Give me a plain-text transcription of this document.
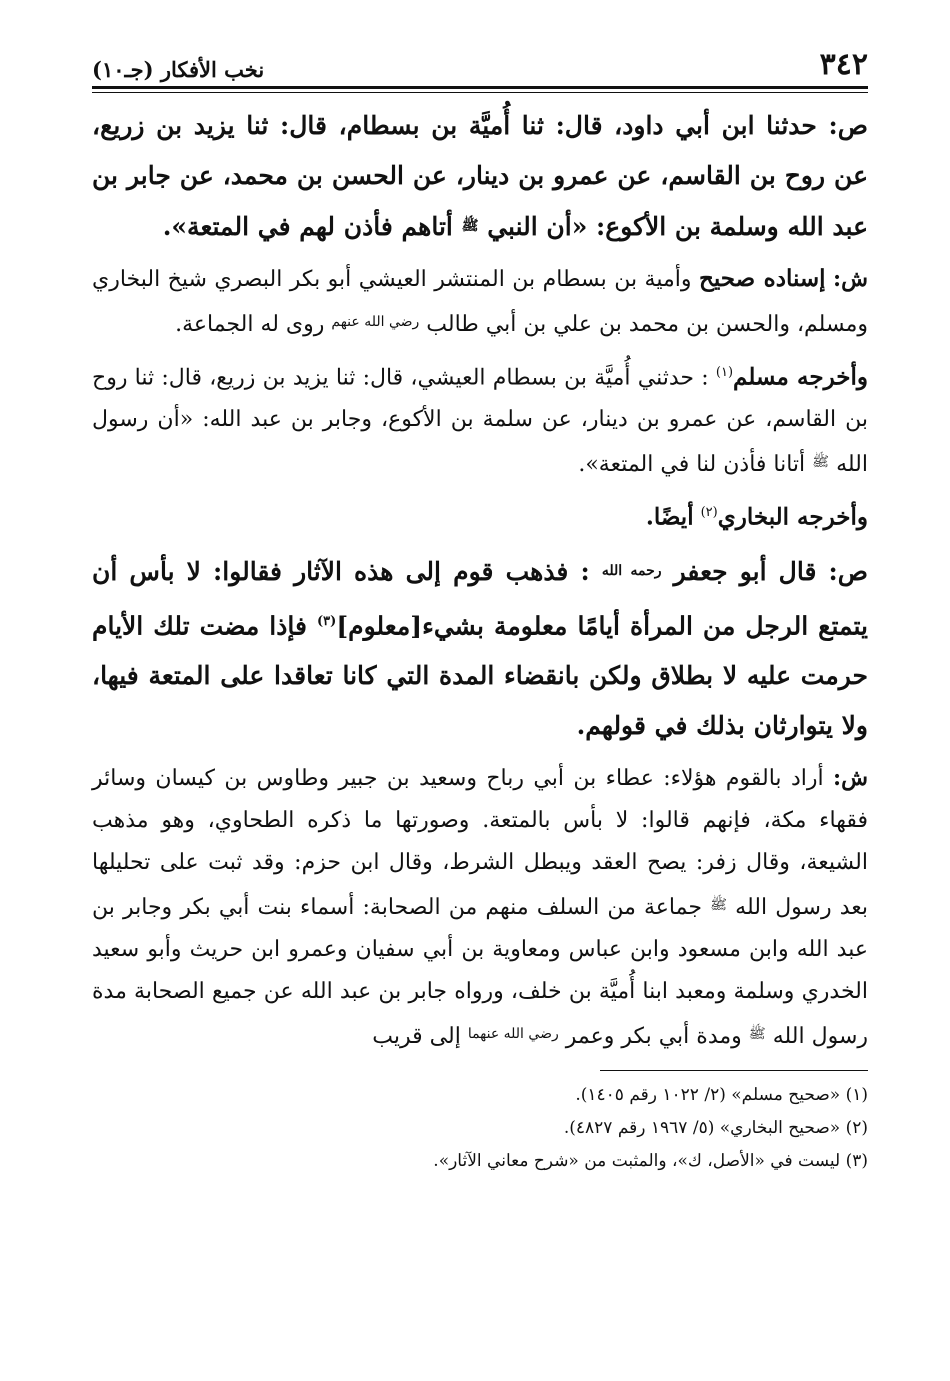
٣٤٢
نخب الأفكار (جـ١٠)

ص: حدثنا ابن أبي داود، قال: ثنا أُميَّة بن بسطام، قال: ثنا يزيد بن زريع، عن روح بن القاسم، عن عمرو بن دينار، عن الحسن بن محمد، عن جابر بن عبد الله وسلمة بن الأكوع: «أن النبي $^ﷺ$ أتاهم فأذن لهم في المتعة».

ش: إسناده صحيح وأمية بن بسطام بن المنتشر العيشي أبو بكر البصري شيخ البخاري ومسلم، والحسن بن محمد بن علي بن أبي طالب $^{رضي الله عنهم}$ روى له الجماعة.

وأخرجه مسلم$^{(١)}$ : حدثني أُميَّة بن بسطام العيشي، قال: ثنا يزيد بن زريع، قال: ثنا روح بن القاسم، عن عمرو بن دينار، عن سلمة بن الأكوع، وجابر بن عبد الله: «أن رسول الله $^ﷺ$ أتانا فأذن لنا في المتعة».

وأخرجه البخاري$^{(٢)}$ أيضًا.

ص: قال أبو جعفر $^{رحمه الله}$ : فذهب قوم إلى هذه الآثار فقالوا: لا بأس أن يتمتع الرجل من المرأة أيامًا معلومة بشيء[معلوم]$^{(٣)}$ فإذا مضت تلك الأيام حرمت عليه لا بطلاق ولكن بانقضاء المدة التي كانا تعاقدا على المتعة فيها، ولا يتوارثان بذلك في قولهم.

ش: أراد بالقوم هؤلاء: عطاء بن أبي رباح وسعيد بن جبير وطاوس بن كيسان وسائر فقهاء مكة، فإنهم قالوا: لا بأس بالمتعة. وصورتها ما ذكره الطحاوي، وهو مذهب الشيعة، وقال زفر: يصح العقد ويبطل الشرط، وقال ابن حزم: وقد ثبت على تحليلها بعد رسول الله $^ﷺ$ جماعة من السلف منهم من الصحابة: أسماء بنت أبي بكر وجابر بن عبد الله وابن مسعود وابن عباس ومعاوية بن أبي سفيان وعمرو ابن حريث وأبو سعيد الخدري وسلمة ومعبد ابنا أُميَّة بن خلف، ورواه جابر بن عبد الله عن جميع الصحابة مدة رسول الله $^ﷺ$ ومدة أبي بكر وعمر $^{رضي الله عنهما}$ إلى قريب

(١) «صحيح مسلم» (٢/ ١٠٢٢ رقم ١٤٠٥).

(٢) «صحيح البخاري» (٥/ ١٩٦٧ رقم ٤٨٢٧).

(٣) ليست في «الأصل، ك»، والمثبت من «شرح معاني الآثار».
